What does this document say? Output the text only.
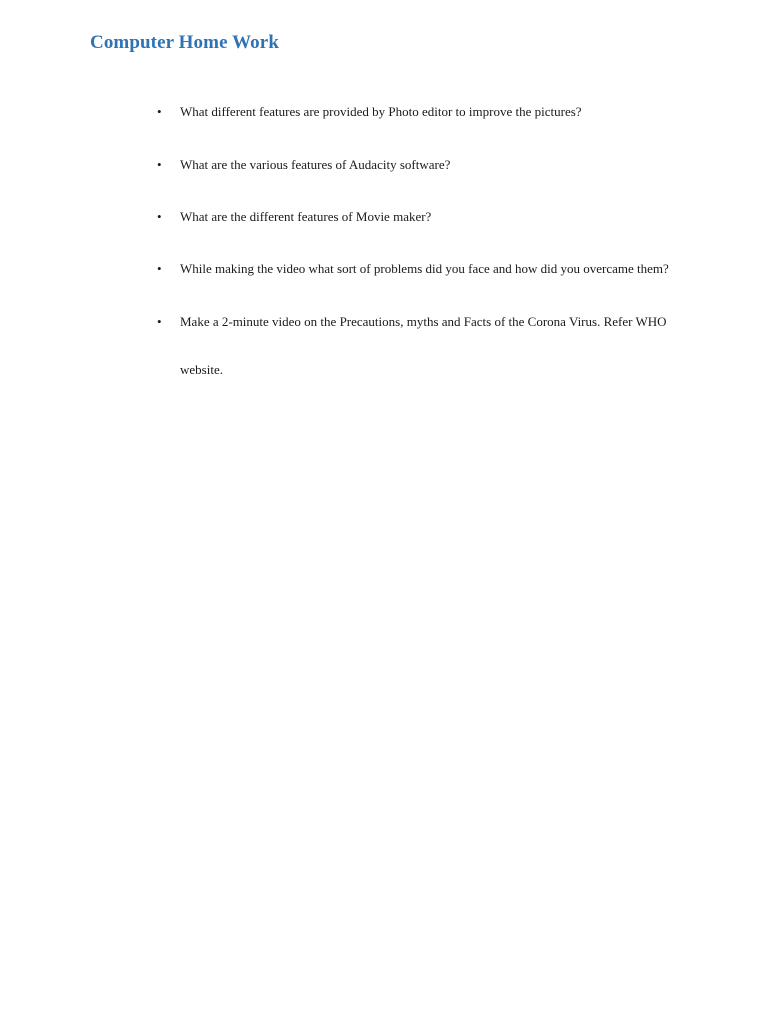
Computer Home Work
• What different features are provided by Photo editor to improve the pictures?
• What are the various features of Audacity software?
• What are the different features of Movie maker?
• While making the video what sort of problems did you face and how did you overcame them?
• Make a 2-minute video on the Precautions, myths and Facts of the Corona Virus. Refer WHO website.
